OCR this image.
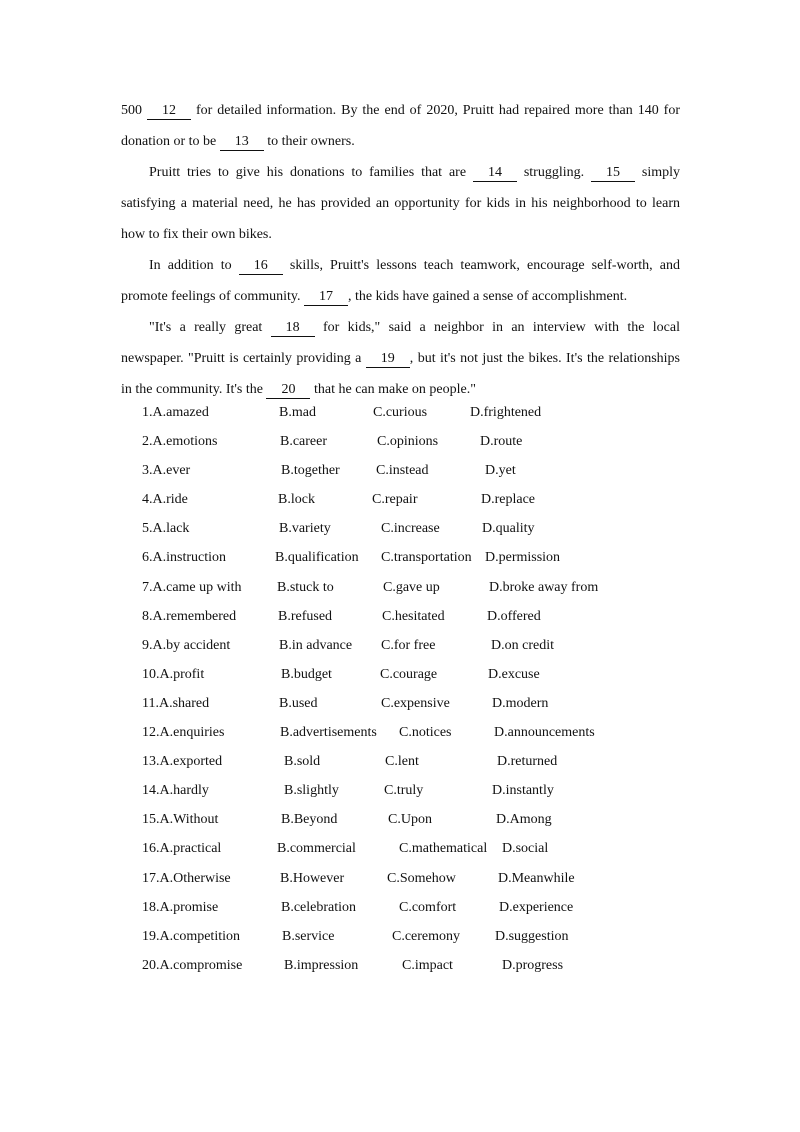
500 12 for detailed information. By the end of 2020, Pruitt had repaired more than 140 for
donation or to be 13 to their owners.
Pruitt tries to give his donations to families that are 14 struggling. 15 simply
satisfying a material need, he has provided an opportunity for kids in his neighborhood to learn
how to fix their own bikes.
In addition to 16 skills, Pruitt's lessons teach teamwork, encourage self-worth, and
promote feelings of community. 17 , the kids have gained a sense of accomplishment.
"It's a really great 18 for kids," said a neighbor in an interview with the local
newspaper. "Pruitt is certainly providing a 19 , but it's not just the bikes. It's the relationships
in the community. It's the 20 that he can make on people."
1.A.amazed	B.mad	C.curious	D.frightened
2.A.emotions	B.career	C.opinions	D.route
3.A.ever	B.together	C.instead	D.yet
4.A.ride	B.lock	C.repair	D.replace
5.A.lack	B.variety	C.increase	D.quality
6.A.instruction	B.qualification C.transportation D.permission
7.A.came up with	B.stuck to	C.gave up	D.broke away from
8.A.remembered	B.refused	C.hesitated	D.offered
9.A.by accident	B.in advance C.for free	D.on credit
10.A.profit	B.budget	C.courage	D.excuse
11.A.shared	B.used	C.expensive	D.modern
12.A.enquiries	B.advertisements C.notices	D.announcements
13.A.exported	B.sold	C.lent	D.returned
14.A.hardly	B.slightly	C.truly	D.instantly
15.A.Without	B.Beyond	C.Upon	D.Among
16.A.practical	B.commercial	C.mathematical D.social
17.A.Otherwise	B.However	C.Somehow	D.Meanwhile
18.A.promise	B.celebration	C.comfort	D.experience
19.A.competition	B.service	C.ceremony D.suggestion
20.A.compromise	B.impression	C.impact	D.progress
